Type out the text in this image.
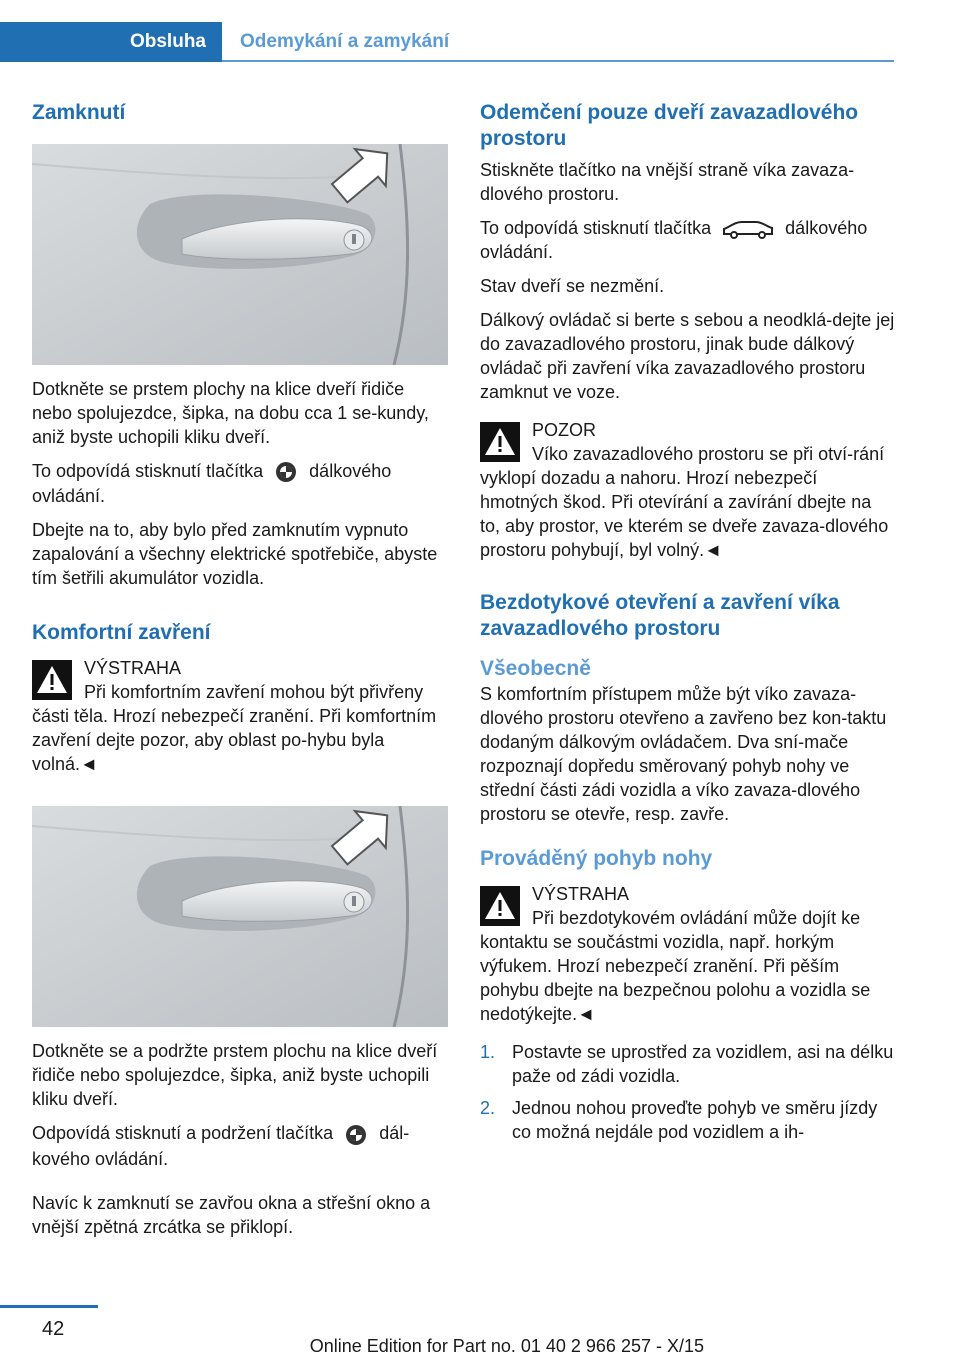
Obsluha	Odemykání a zamykání
Zamknutí

Dotkněte se prstem plochy na klice dveří řidiče nebo spolujezdce, šipka, na dobu cca 1 se-kundy, aniž byste uchopili kliku dveří.

To odpovídá stisknutí tlačítka	dálkového ovládání.

Dbejte na to, aby bylo před zamknutím vypnuto zapalování a všechny elektrické spotřebiče, abyste tím šetřili akumulátor vozidla.

Komfortní zavření

VÝSTRAHA

Při komfortním zavření mohou být přivřeny části těla. Hrozí nebezpečí zranění. Při komfortním zavření dejte pozor, aby oblast po-hybu byla volná.◄

Dotkněte se a podržte prstem plochu na klice dveří řidiče nebo spolujezdce, šipka, aniž byste uchopili kliku dveří.

Odpovídá stisknutí a podržení tlačítka	dál-kového ovládání.

Navíc k zamknutí se zavřou okna a střešní okno a vnější zpětná zrcátka se přiklopí.

Odemčení pouze dveří zavazadlového prostoru

Stiskněte tlačítko na vnější straně víka zavaza-dlového prostoru.

To odpovídá stisknutí tlačítka	dálkového ovládání.

Stav dveří se nezmění.

Dálkový ovládač si berte s sebou a neodklá-dejte jej do zavazadlového prostoru, jinak bude dálkový ovládač při zavření víka zavazadlového prostoru zamknut ve voze.

POZOR

Víko zavazadlového prostoru se při otví-rání vyklopí dozadu a nahoru. Hrozí nebezpečí hmotných škod. Při otevírání a zavírání dbejte na to, aby prostor, ve kterém se dveře zavaza-dlového prostoru pohybují, byl volný.◄

Bezdotykové otevření a zavření víka zavazadlového prostoru
Všeobecně

S komfortním přístupem může být víko zavaza-dlového prostoru otevřeno a zavřeno bez kon-taktu dodaným dálkovým ovládačem. Dva sní-mače rozpoznají dopředu směrovaný pohyb nohy ve střední části zádi vozidla a víko zavaza-dlového prostoru se otevře, resp. zavře.

Prováděný pohyb nohy

VÝSTRAHA

Při bezdotykovém ovládání může dojít ke kontaktu se součástmi vozidla, např. horkým výfukem. Hrozí nebezpečí zranění. Při pěším pohybu dbejte na bezpečnou polohu a vozidla se nedotýkejte.◄

1. Postavte se uprostřed za vozidlem, asi na délku paže od zádi vozidla.
2. Jednou nohou proveďte pohyb ve směru jízdy co možná nejdále pod vozidlem a ih-
42
Online Edition for Part no. 01 40 2 966 257 - X/15
